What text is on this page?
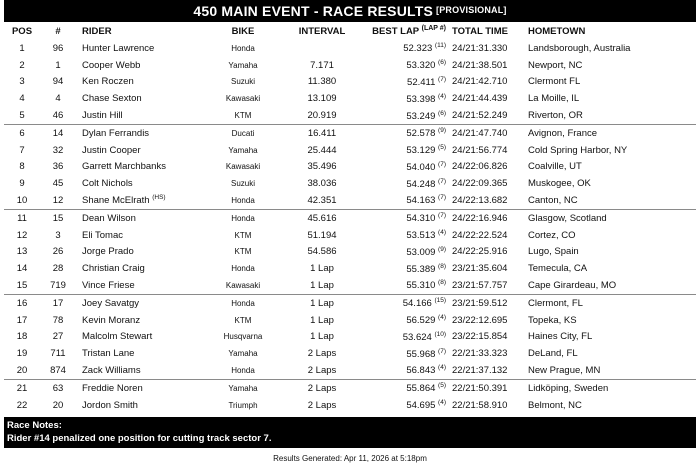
450 MAIN EVENT - RACE RESULTS [PROVISIONAL]
POS	#	RIDER	BIKE	INTERVAL	BEST LAP $^{(LAP \#)}$	TOTAL TIME	HOMETOWN
1	96	Hunter Lawrence	Honda		52.323 $^{(11)}$	24/21:31.330	Landsborough, Australia
2	1	Cooper Webb	Yamaha	7.171	53.320 $^{(6)}$	24/21:38.501	Newport, NC
3	94	Ken Roczen	Suzuki	11.380	52.411 $^{(7)}$	24/21:42.710	Clermont FL
4	4	Chase Sexton	Kawasaki	13.109	53.398 $^{(4)}$	24/21:44.439	La Moille, IL
5	46	Justin Hill	KTM	20.919	53.249 $^{(6)}$	24/21:52.249	Riverton, OR
6	14	Dylan Ferrandis	Ducati	16.411	52.578 $^{(9)}$	24/21:47.740	Avignon, France
7	32	Justin Cooper	Yamaha	25.444	53.129 $^{(5)}$	24/21:56.774	Cold Spring Harbor, NY
8	36	Garrett Marchbanks	Kawasaki	35.496	54.040 $^{(7)}$	24/22:06.826	Coalville, UT
9	45	Colt Nichols	Suzuki	38.036	54.248 $^{(7)}$	24/22:09.365	Muskogee, OK
10	12	Shane McElrath $^{(HS)}$	Honda	42.351	54.163 $^{(7)}$	24/22:13.682	Canton, NC
11	15	Dean Wilson	Honda	45.616	54.310 $^{(7)}$	24/22:16.946	Glasgow, Scotland
12	3	Eli Tomac	KTM	51.194	53.513 $^{(4)}$	24/22:22.524	Cortez, CO
13	26	Jorge Prado	KTM	54.586	53.009 $^{(9)}$	24/22:25.916	Lugo, Spain
14	28	Christian Craig	Honda	1 Lap	55.389 $^{(8)}$	23/21:35.604	Temecula, CA
15	719	Vince Friese	Kawasaki	1 Lap	55.310 $^{(8)}$	23/21:57.757	Cape Girardeau, MO
16	17	Joey Savatgy	Honda	1 Lap	54.166 $^{(15)}$	23/21:59.512	Clermont, FL
17	78	Kevin Moranz	KTM	1 Lap	56.529 $^{(4)}$	23/22:12.695	Topeka, KS
18	27	Malcolm Stewart	Husqvarna	1 Lap	53.624 $^{(10)}$	23/22:15.854	Haines City, FL
19	711	Tristan Lane	Yamaha	2 Laps	55.968 $^{(7)}$	22/21:33.323	DeLand, FL
20	874	Zack Williams	Honda	2 Laps	56.843 $^{(4)}$	22/21:37.132	New Prague, MN
21	63	Freddie Noren	Yamaha	2 Laps	55.864 $^{(5)}$	22/21:50.391	Lidköping, Sweden
22	20	Jordon Smith	Triumph	2 Laps	54.695 $^{(4)}$	22/21:58.910	Belmont, NC
Race Notes:
Rider #14 penalized one position for cutting track sector 7.
Results Generated: Apr 11, 2026 at 5:18pm
